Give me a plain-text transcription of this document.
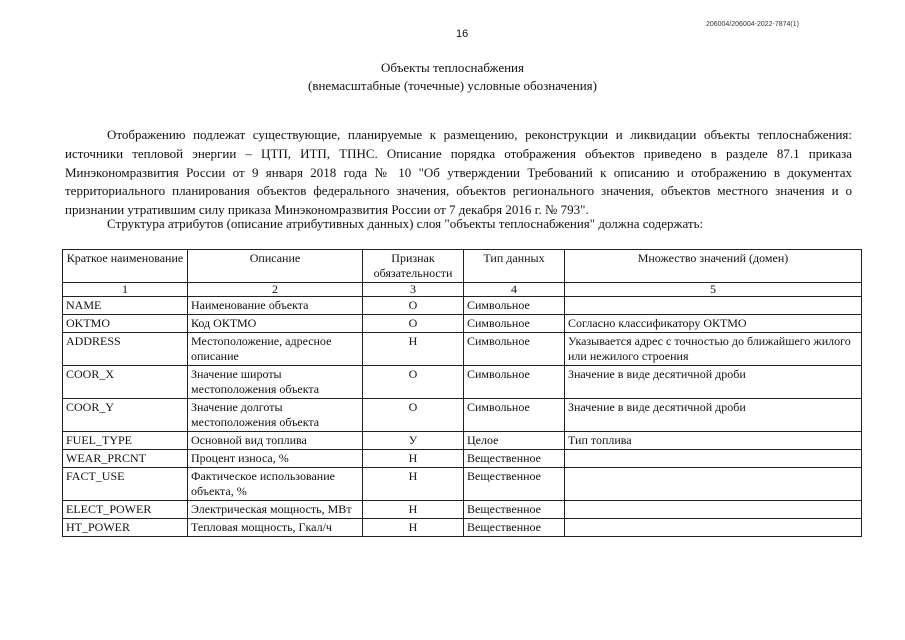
206004/206004-2022-7874(1)
16
Объекты теплоснабжения
(внемасштабные (точечные) условные обозначения)

Отображению подлежат существующие, планируемые к размещению, реконструкции и ликвидации объекты теплоснабжения: источники тепловой энергии – ЦТП, ИТП, ТПНС. Описание порядка отображения объектов приведено в разделе 87.1 приказа Минэкономразвития России от 9 января 2018 года № 10 "Об утверждении Требований к описанию и отображению в документах территориального планирования объектов федерального значения, объектов регионального значения, объектов местного значения и о признании утратившим силу приказа Минэкономразвития России от 7 декабря 2016 г. № 793".

Структура атрибутов (описание атрибутивных данных) слоя "объекты теплоснабжения" должна содержать:
Краткое наименование	Описание	Признак обязательности	Тип данных	Множество значений (домен)
1	2	3	4	5
NAME	Наименование объекта	О	Символьное	
OKTMO	Код ОКТМО	О	Символьное	Согласно классификатору ОКТМО
ADDRESS	Местоположение, адресное описание	Н	Символьное	Указывается адрес с точностью до ближайшего жилого или нежилого строения
COOR_X	Значение широты местоположения объекта	О	Символьное	Значение в виде десятичной дроби
COOR_Y	Значение долготы местоположения объекта	О	Символьное	Значение в виде десятичной дроби
FUEL_TYPE	Основной вид топлива	У	Целое	Тип топлива
WEAR_PRCNT	Процент износа, %	Н	Вещественное	
FACT_USE	Фактическое использование объекта, %	Н	Вещественное	
ELECT_POWER	Электрическая мощность, МВт	Н	Вещественное	
HT_POWER	Тепловая мощность, Гкал/ч	Н	Вещественное	
